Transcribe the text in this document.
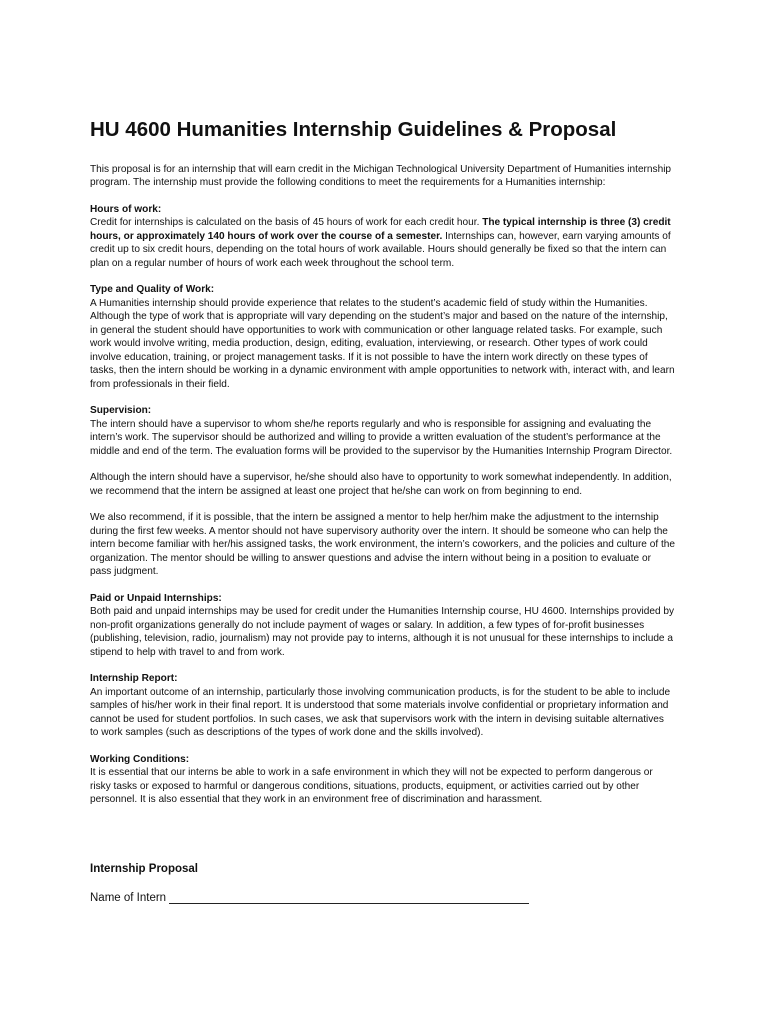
HU 4600 Humanities Internship Guidelines & Proposal

This proposal is for an internship that will earn credit in the Michigan Technological University Department of Humanities internship program. The internship must provide the following conditions to meet the requirements for a Humanities internship:

Hours of work:
Credit for internships is calculated on the basis of 45 hours of work for each credit hour. The typical internship is three (3) credit hours, or approximately 140 hours of work over the course of a semester. Internships can, however, earn varying amounts of credit up to six credit hours, depending on the total hours of work available. Hours should generally be fixed so that the intern can plan on a regular number of hours of work each week throughout the school term.

Type and Quality of Work:
A Humanities internship should provide experience that relates to the student’s academic field of study within the Humanities. Although the type of work that is appropriate will vary depending on the student’s major and based on the nature of the internship, in general the student should have opportunities to work with communication or other language related tasks. For example, such work would involve writing, media production, design, editing, evaluation, interviewing, or research. Other types of work could involve education, training, or project management tasks. If it is not possible to have the intern work directly on these types of tasks, then the intern should be working in a dynamic environment with ample opportunities to network with, interact with, and learn from professionals in their field.

Supervision:
The intern should have a supervisor to whom she/he reports regularly and who is responsible for assigning and evaluating the intern’s work. The supervisor should be authorized and willing to provide a written evaluation of the student’s performance at the middle and end of the term. The evaluation forms will be provided to the supervisor by the Humanities Internship Program Director.

Although the intern should have a supervisor, he/she should also have to opportunity to work somewhat independently. In addition, we recommend that the intern be assigned at least one project that he/she can work on from beginning to end.

We also recommend, if it is possible, that the intern be assigned a mentor to help her/him make the adjustment to the internship during the first few weeks. A mentor should not have supervisory authority over the intern. It should be someone who can help the intern become familiar with her/his assigned tasks, the work environment, the intern’s coworkers, and the policies and culture of the organization. The mentor should be willing to answer questions and advise the intern without being in a position to evaluate or pass judgment.

Paid or Unpaid Internships:
Both paid and unpaid internships may be used for credit under the Humanities Internship course, HU 4600. Internships provided by non-profit organizations generally do not include payment of wages or salary. In addition, a few types of for-profit businesses (publishing, television, radio, journalism) may not provide pay to interns, although it is not unusual for these internships to include a stipend to help with travel to and from work.

Internship Report:
An important outcome of an internship, particularly those involving communication products, is for the student to be able to include samples of his/her work in their final report. It is understood that some materials involve confidential or proprietary information and cannot be used for student portfolios. In such cases, we ask that supervisors work with the intern in devising suitable alternatives to work samples (such as descriptions of the types of work done and the skills involved).

Working Conditions:
It is essential that our interns be able to work in a safe environment in which they will not be expected to perform dangerous or risky tasks or exposed to harmful or dangerous conditions, situations, products, equipment, or activities carried out by other personnel. It is also essential that they work in an environment free of discrimination and harassment.

Internship Proposal
Name of Intern
